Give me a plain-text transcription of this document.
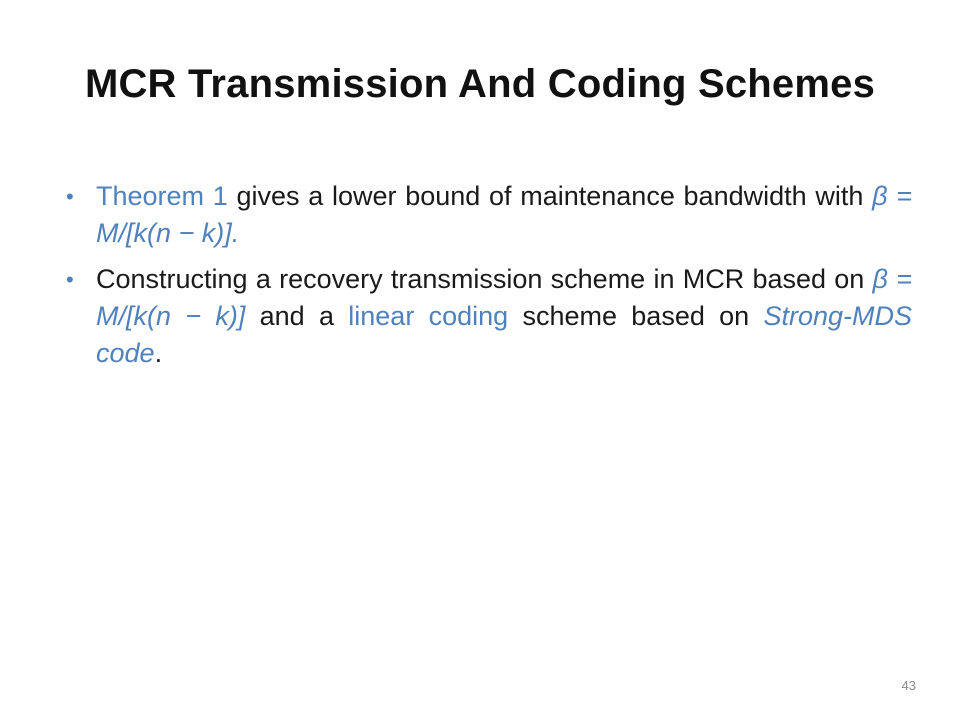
MCR Transmission And Coding Schemes
• Theorem 1 gives a lower bound of maintenance bandwidth with β = M/[k(n − k)].
• Constructing a recovery transmission scheme in MCR based on β = M/[k(n − k)] and a linear coding scheme based on Strong-MDS code.
43
